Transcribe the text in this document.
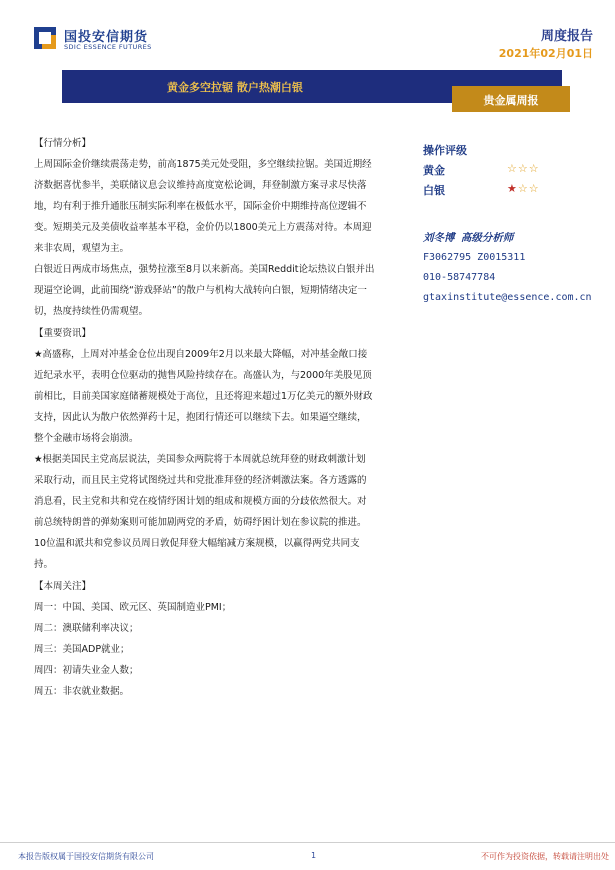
国投安信期货
SDIC ESSENCE FUTURES
周度报告
2021年02月01日
黄金多空拉锯 散户热潮白银
贵金属周报

【行情分析】

上周国际金价继续震荡走势，前高1875美元处受阻，多空继续拉锯。美国近期经济数据喜忧参半，美联储议息会议维持高度宽松论调，拜登制激方案寻求尽快落地，均有利于推升通胀压制实际利率在极低水平，国际金价中期维持高位逻辑不变。短期美元及美债收益率基本平稳，金价仍以1800美元上方震荡对待。本周迎来非农周，观望为主。

白银近日两成市场焦点，强势拉涨至8月以来新高。美国Reddit论坛热议白银并出现逼空论调，此前围绕“游戏驿站”的散户与机构大战转向白银，短期情绪决定一切，热度持续性仍需观望。

【重要资讯】

★高盛称，上周对冲基金仓位出现自2009年2月以来最大降幅，对冲基金敞口接近纪录水平，表明仓位驱动的抛售风险持续存在。高盛认为，与2000年美股见顶前相比，目前美国家庭储蓄规模处于高位，且还将迎来超过1万亿美元的额外财政支持，因此认为散户依然弹药十足，抱团行情还可以继续下去。如果逼空继续，整个金融市场将会崩溃。

★根据美国民主党高层说法，美国参众两院将于本周就总统拜登的财政刺激计划采取行动，而且民主党将试图绕过共和党批准拜登的经济刺激法案。各方透露的消息看，民主党和共和党在疫情纾困计划的组成和规模方面的分歧依然很大。对前总统特朗普的弹劾案则可能加剧两党的矛盾，妨碍纾困计划在参议院的推进。10位温和派共和党参议员周日敦促拜登大幅缩减方案规模，以赢得两党共同支持。

【本周关注】

周一：中国、美国、欧元区、英国制造业PMI；

周二：澳联储利率决议；

周三：美国ADP就业；

周四：初请失业金人数；

周五：非农就业数据。

操作评级
黄金	☆☆☆
白银	★☆☆
刘冬博 高级分析师
F3062795 Z0015311
010-58747784
gtaxinstitute@essence.com.cn
本报告版权属于国投安信期货有限公司	1	不可作为投资依据，转载请注明出处
